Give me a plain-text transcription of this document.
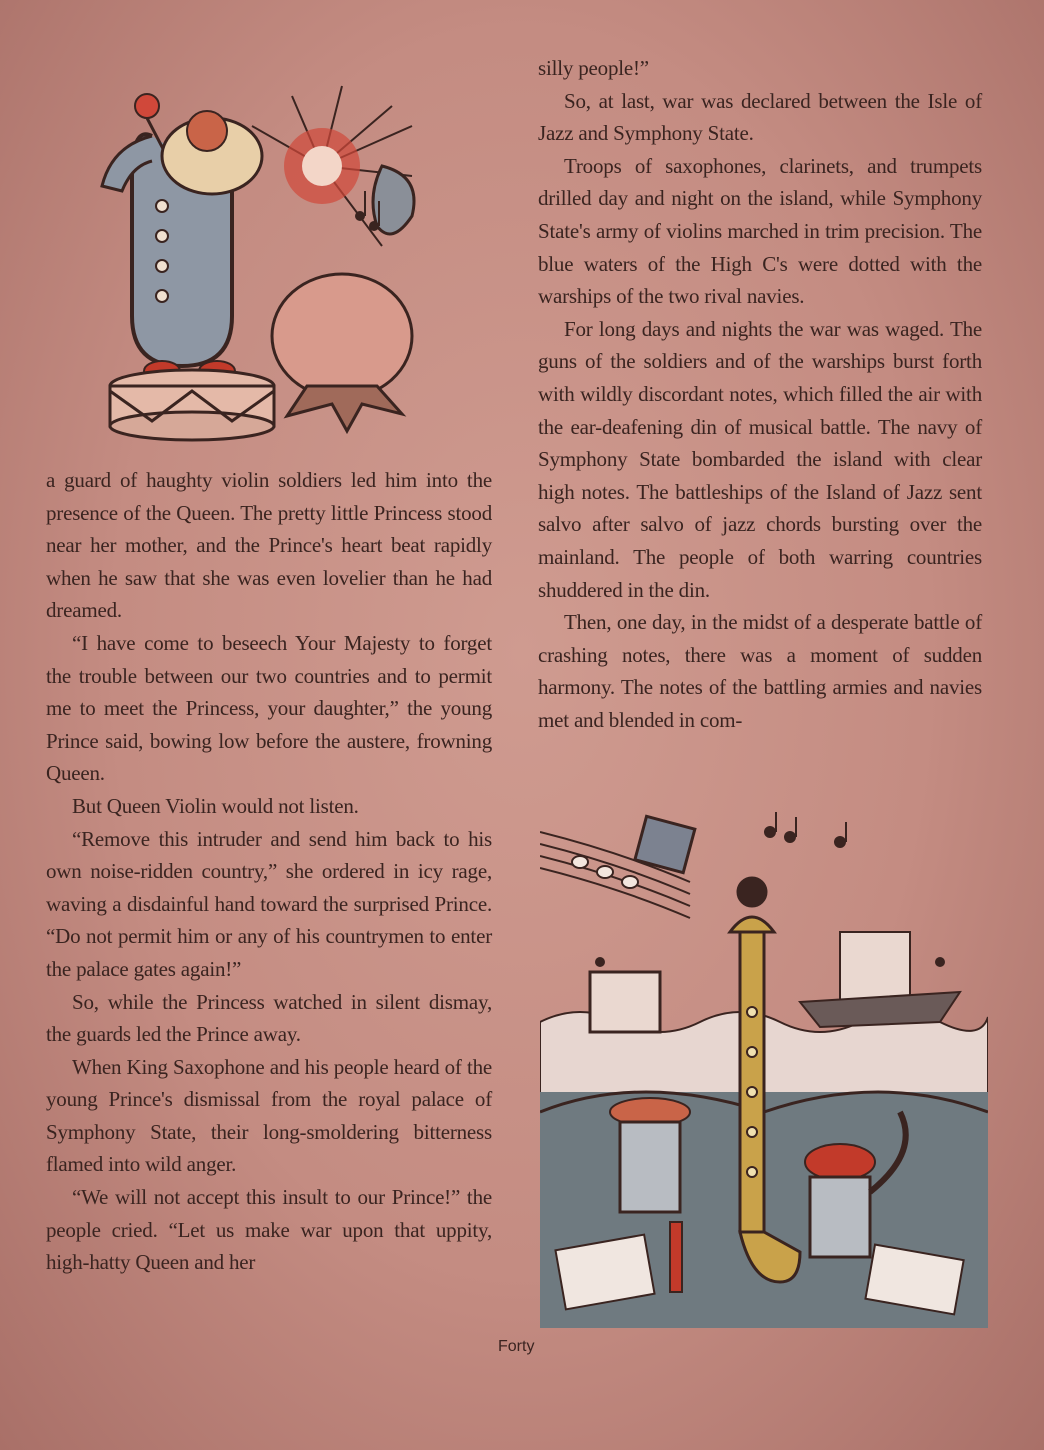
a guard of haughty violin soldiers led him into the presence of the Queen. The pretty little Princess stood near her mother, and the Prince's heart beat rapidly when he saw that she was even lovelier than he had dreamed.

“I have come to beseech Your Majesty to forget the trouble between our two countries and to permit me to meet the Princess, your daughter,” the young Prince said, bowing low before the austere, frowning Queen.

But Queen Violin would not listen.

“Remove this intruder and send him back to his own noise-ridden country,” she ordered in icy rage, waving a disdainful hand toward the surprised Prince. “Do not permit him or any of his countrymen to enter the palace gates again!”

So, while the Princess watched in silent dismay, the guards led the Prince away.

When King Saxophone and his people heard of the young Prince's dismissal from the royal palace of Symphony State, their long-smoldering bitterness flamed into wild anger.

“We will not accept this insult to our Prince!” the people cried. “Let us make war upon that uppity, high-hatty Queen and her

silly people!”

So, at last, war was declared between the Isle of Jazz and Symphony State.

Troops of saxophones, clarinets, and trumpets drilled day and night on the island, while Symphony State's army of violins marched in trim precision. The blue waters of the High C's were dotted with the warships of the two rival navies.

For long days and nights the war was waged. The guns of the soldiers and of the warships burst forth with wildly discordant notes, which filled the air with the ear-deafening din of musical battle. The navy of Symphony State bombarded the island with clear high notes. The battleships of the Island of Jazz sent salvo after salvo of jazz chords bursting over the mainland. The people of both warring countries shuddered in the din.

Then, one day, in the midst of a desperate battle of crashing notes, there was a moment of sudden harmony. The notes of the battling armies and navies met and blended in com-

Forty
